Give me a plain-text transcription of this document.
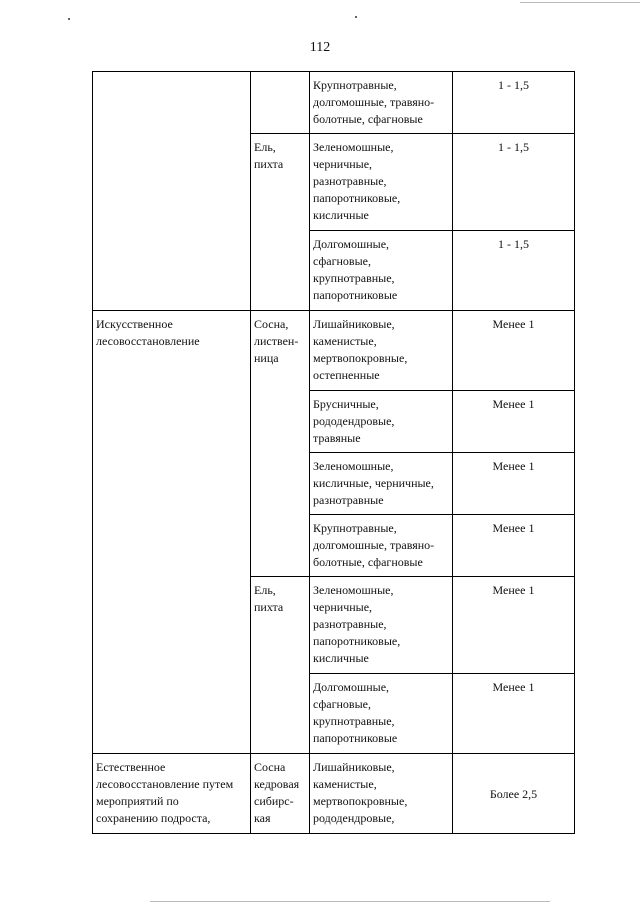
112

		Крупнотравные,
долгомошные, травяно-
болотные, сфагновые	1 - 1,5

	Ель,
пихта	Зеленомошные,
черничные,
разнотравные,
папоротниковые,
кисличные	1 - 1,5

		Долгомошные,
сфагновые,
крупнотравные,
папоротниковые	1 - 1,5

Искусственное
лесовосстановление	Сосна,
листвен-
ница	Лишайниковые,
каменистые,
мертвопокровные,
остепненные	Менее 1

		Брусничные,
рододендровые,
травяные	Менее 1

		Зеленомошные,
кисличные, черничные,
разнотравные	Менее 1

		Крупнотравные,
долгомошные, травяно-
болотные, сфагновые	Менее 1

	Ель,
пихта	Зеленомошные,
черничные,
разнотравные,
папоротниковые,
кисличные	Менее 1

		Долгомошные,
сфагновые,
крупнотравные,
папоротниковые	Менее 1

Естественное
лесовосстановление путем
мероприятий по
сохранению подроста,	Сосна
кедровая
сибирс-
кая	Лишайниковые,
каменистые,
мертвопокровные,
рододендровые,	Более 2,5
